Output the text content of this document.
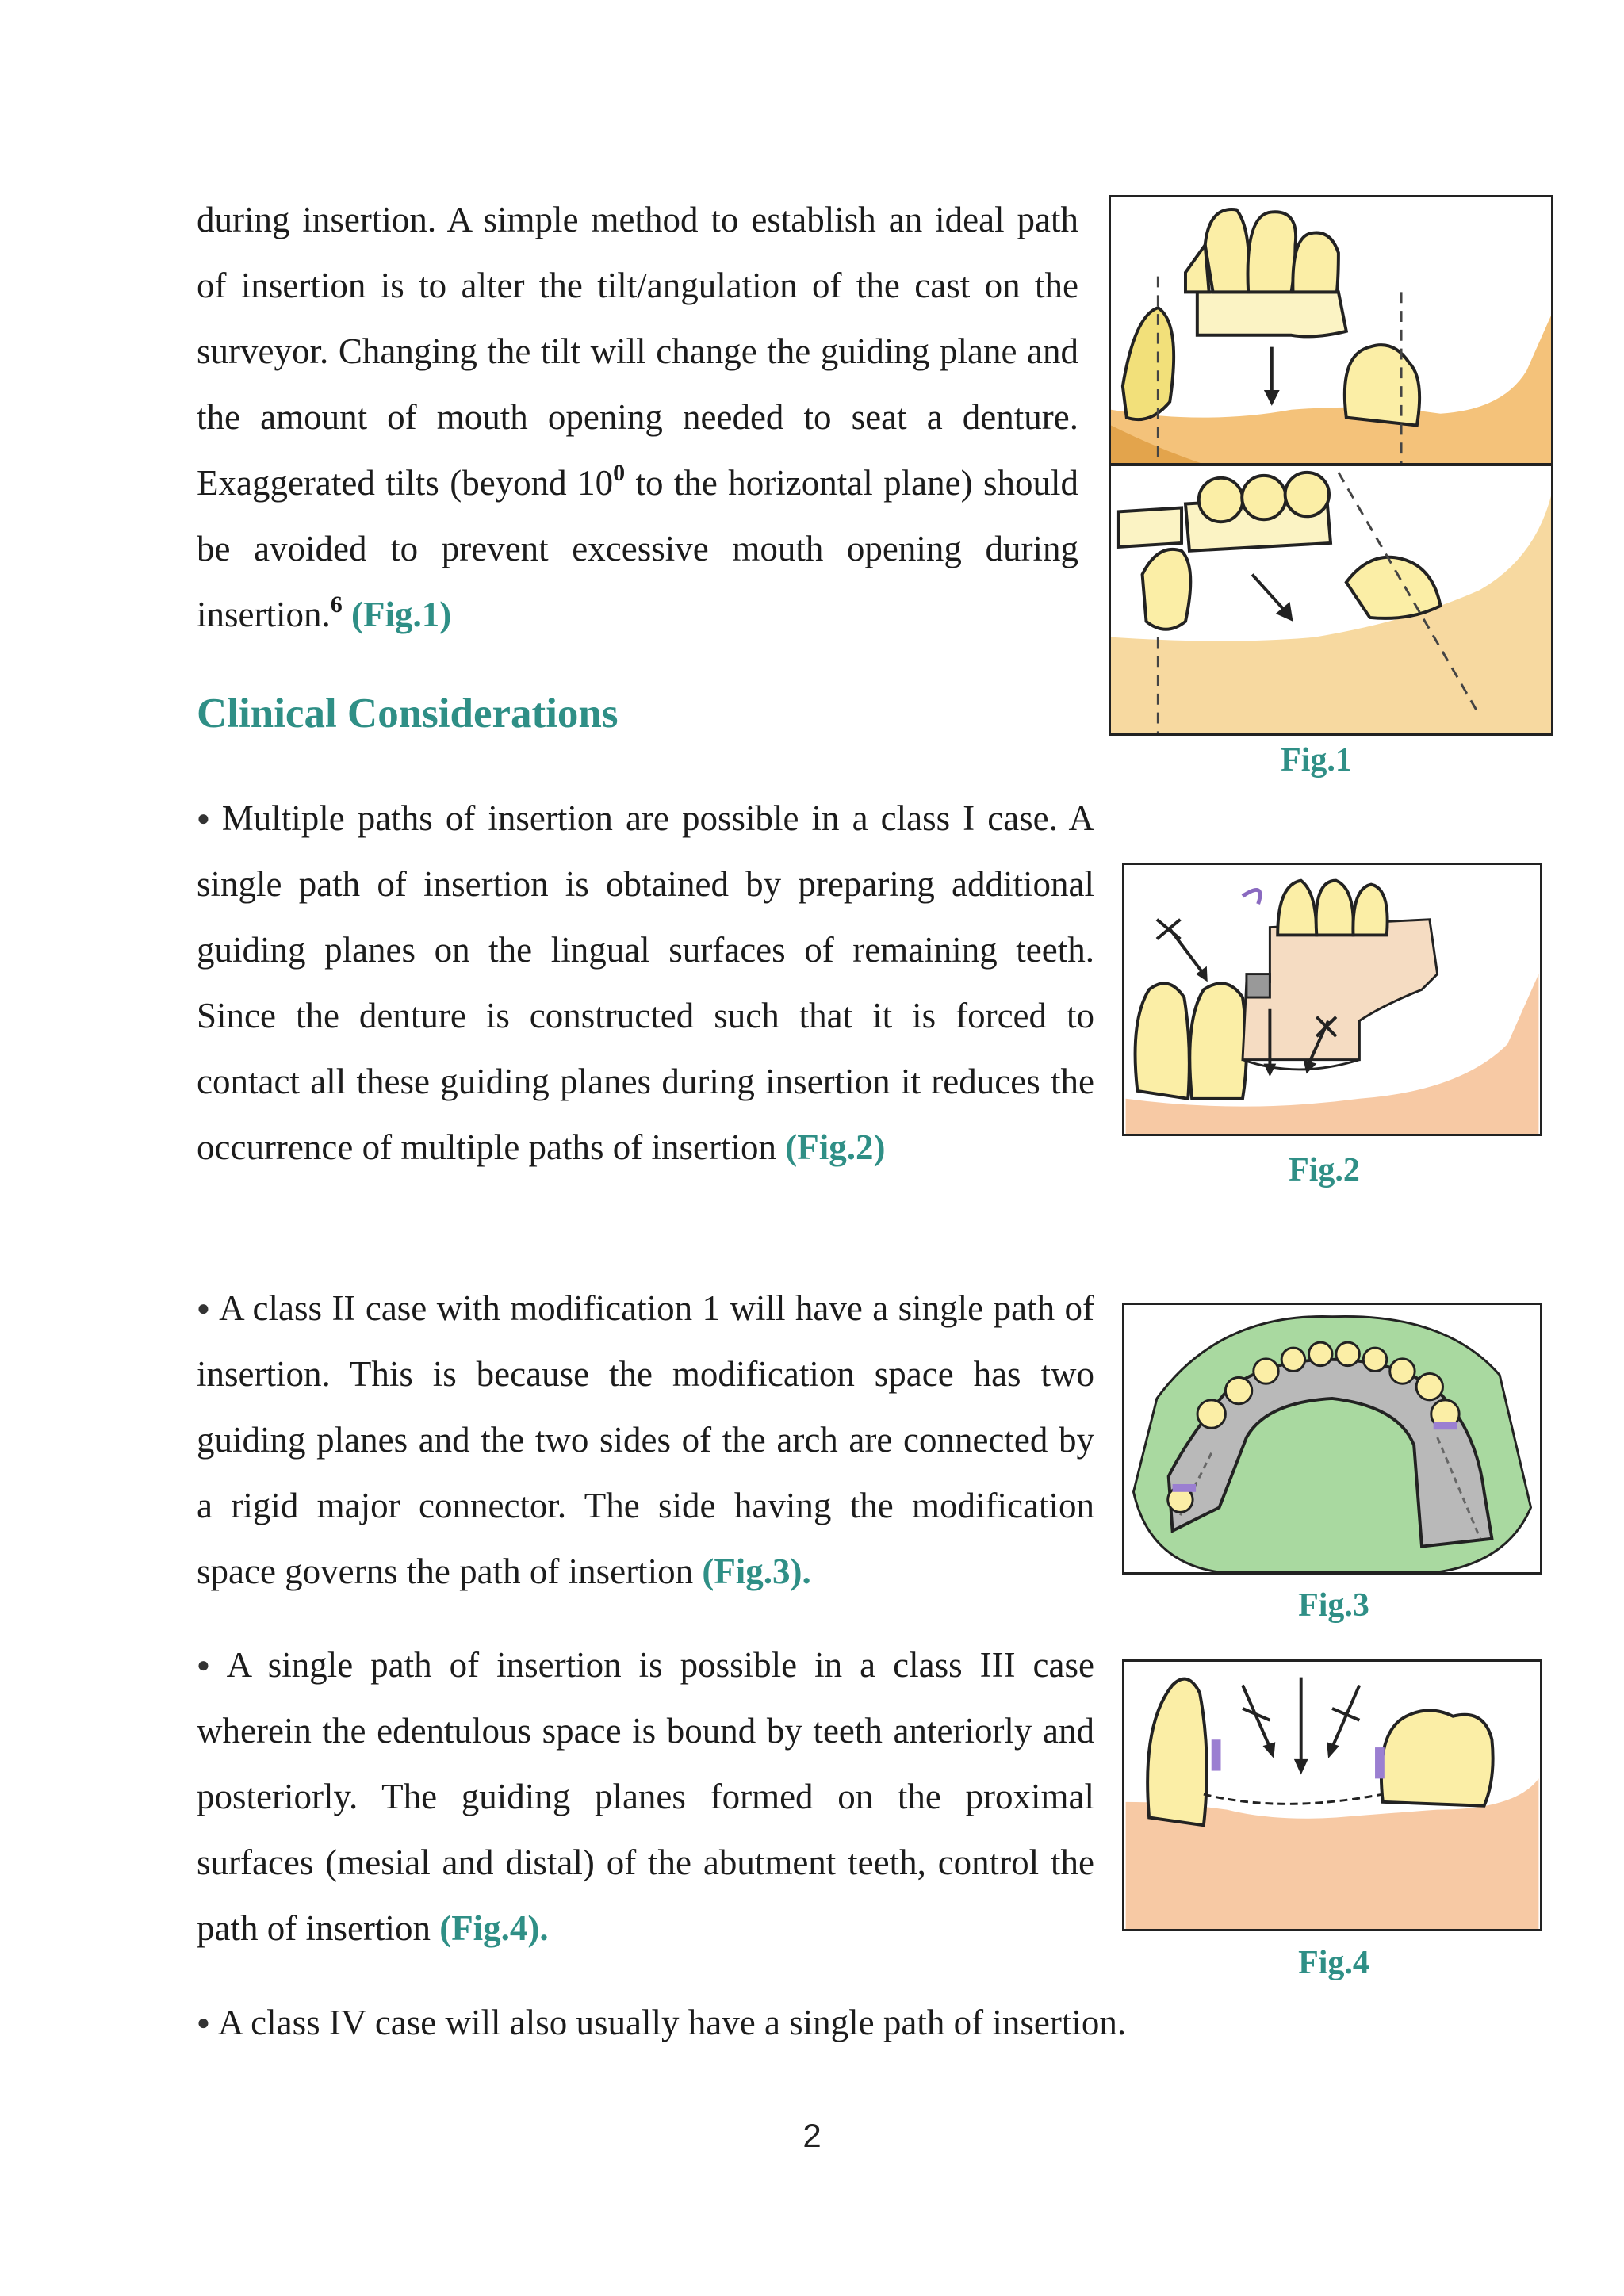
during insertion. A simple method to establish an ideal path of insertion is to alter the tilt/angulation of the cast on the surveyor. Changing the tilt will change the guiding plane and the amount of mouth opening needed to seat a denture. Exaggerated tilts (beyond $10^0$ to the horizontal plane) should be avoided to prevent excessive mouth opening during insertion.$^6$ (Fig.1)

Clinical Considerations

● Multiple paths of insertion are possible in a class I case. A single path of insertion is obtained by preparing additional guiding planes on the lingual surfaces of remaining teeth. Since the denture is constructed such that it is forced to contact all these guiding planes during insertion it reduces the occurrence of multiple paths of insertion (Fig.2)

● A class II case with modification 1 will have a single path of insertion. This is because the modification space has two guiding planes and the two sides of the arch are connected by a rigid major connector. The side having the modification space governs the path of insertion (Fig.3).

● A single path of insertion is possible in a class III case wherein the edentulous space is bound by teeth anteriorly and posteriorly. The guiding planes formed on the proximal surfaces (mesial and distal) of the abutment teeth, control the path of insertion (Fig.4).

● A class IV case will also usually have a single path of insertion.

Fig.1
Fig.2
Fig.3
Fig.4
2
